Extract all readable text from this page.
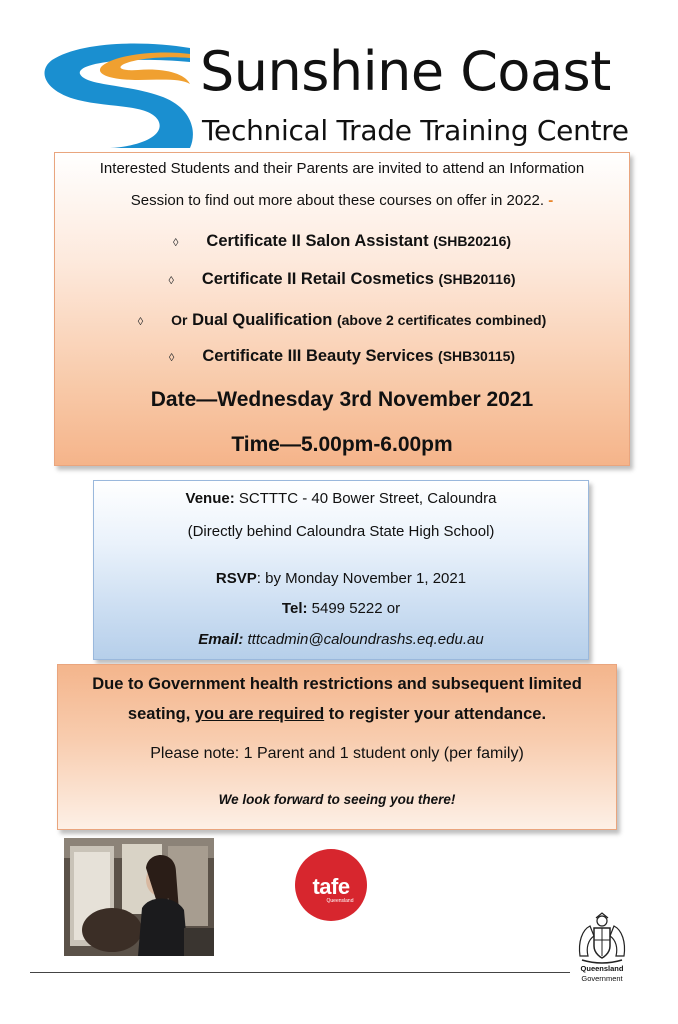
Sunshine Coast
Technical Trade Training Centre
Interested Students and their Parents are invited to attend an Information
Session to find out more about these courses on offer in 2022. -
◊ Certificate II Salon Assistant (SHB20216)
◊ Certificate II Retail Cosmetics (SHB20116)
◊ Or Dual Qualification (above 2 certificates combined)
◊ Certificate III Beauty Services (SHB30115)
Date—Wednesday 3rd November 2021
Time—5.00pm-6.00pm
Venue: SCTTTC - 40 Bower Street, Caloundra
(Directly behind Caloundra State High School)
RSVP: by Monday November 1, 2021
Tel: 5499 5222 or
Email: tttcadmin@caloundrashs.eq.edu.au
Due to Government health restrictions and subsequent limited
seating, you are required to register your attendance.
Please note: 1 Parent and 1 student only (per family)
We look forward to seeing you there!
tafe
Queensland
Queensland
Government
